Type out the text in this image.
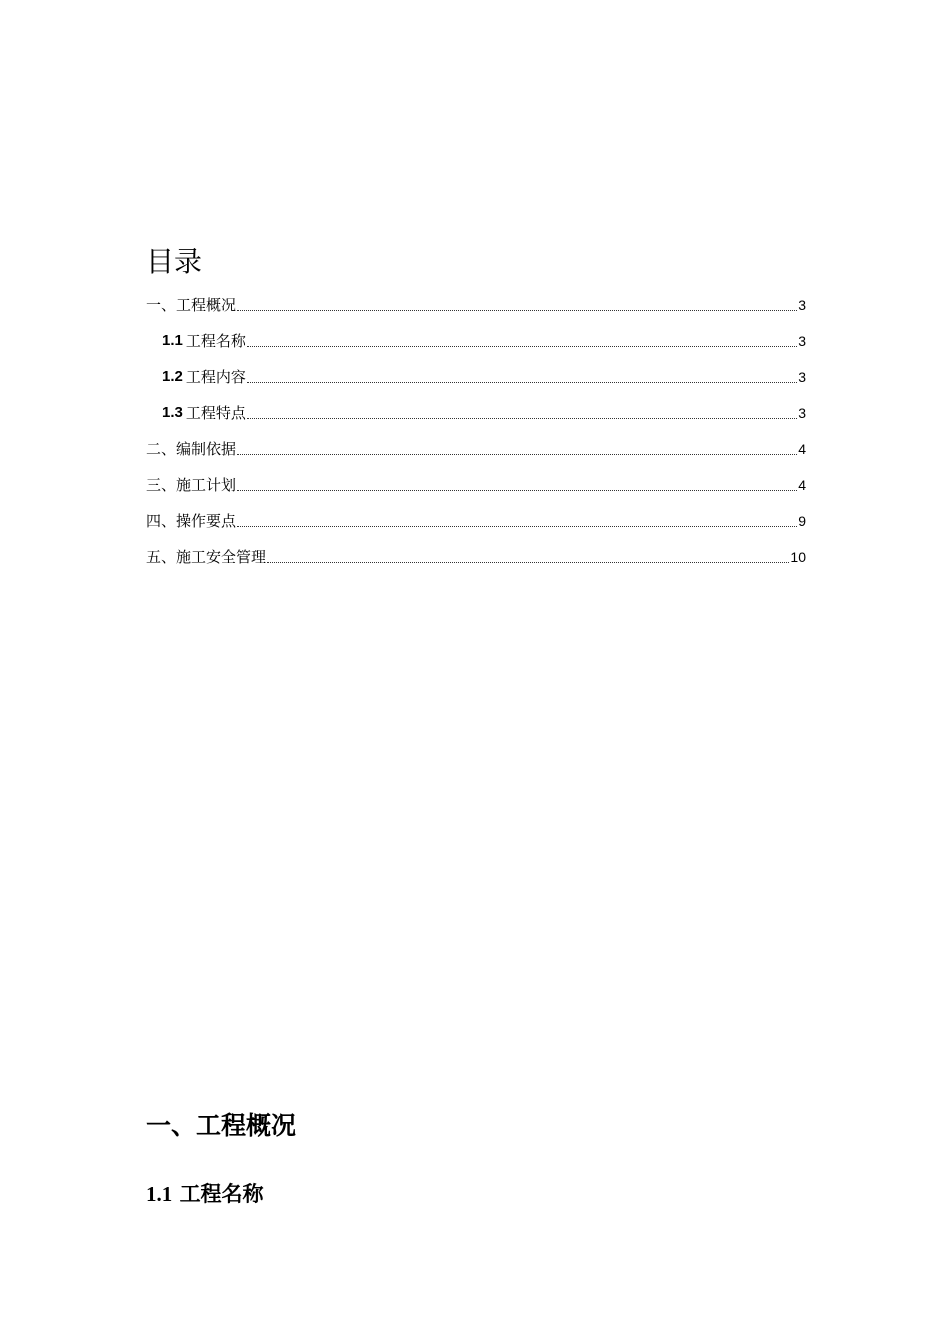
目录
一、工程概况	3
1.1 工程名称	3
1.2 工程内容	3
1.3 工程特点	3
二、编制依据	4
三、施工计划	4
四、操作要点	9
五、施工安全管理	10
一、工程概况
1.1 工程名称
